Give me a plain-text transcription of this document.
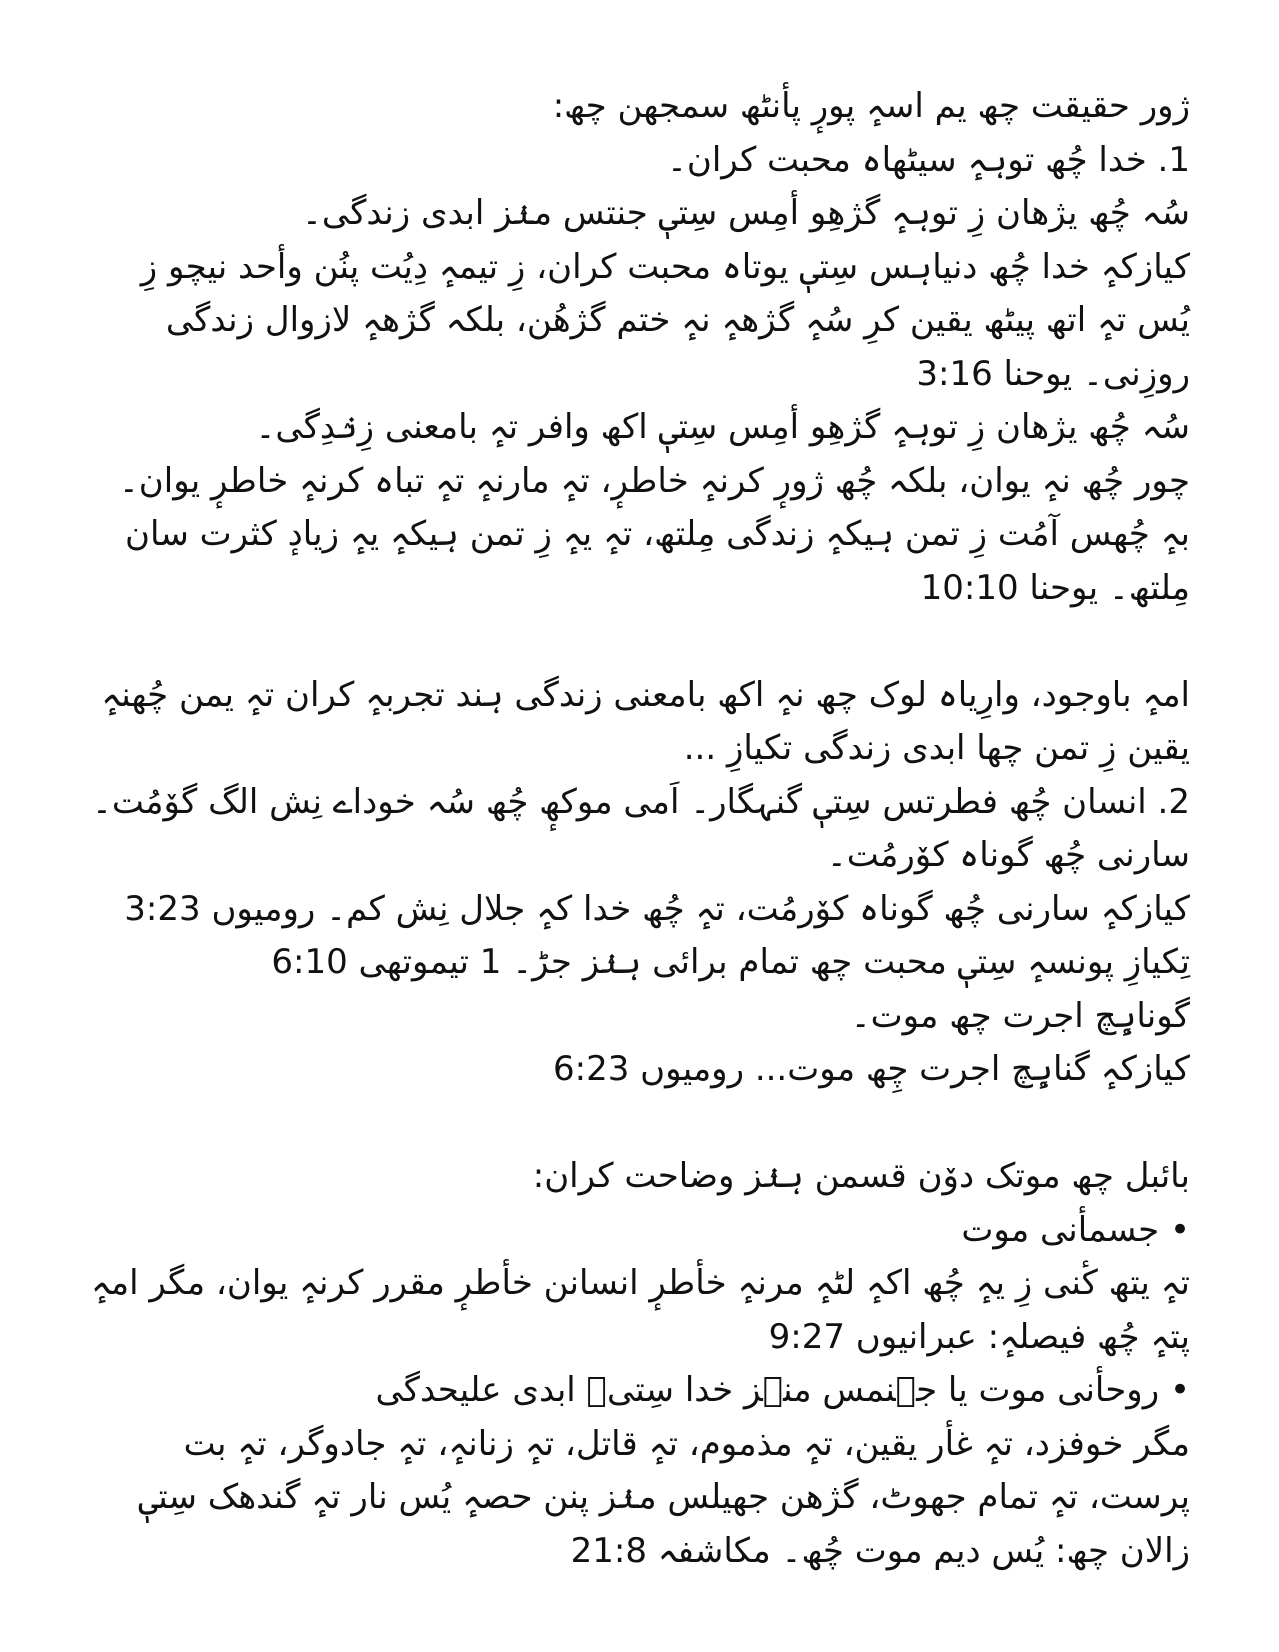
ژور حقیقت چھ یم اسہٕ پورٕ پأنٹھ سمجھن چھ:
1. خدا چُھ توہہٕ سیٹھاہ محبت کران۔
سُہ چُھ یژھان زِ توہہٕ گژھِو أمِس سِتیٖ جنتس منٛز ابدی زندگی۔
کیازکہٕ خدا چُھ دنیاہس سِتیٖ یوتاہ محبت کران، زِ تیمہٕ دِیُت پنُن وأحد نیچو زِ یُس تہٕ اتھ پیٹھ یقین کرِ سُہٕ گژھہٕ نہٕ ختم گژھُن، بلکہ گژھہٕ لازوال زندگی روزِنی۔ یوحنا 3:16
سُہ چُھ یژھان زِ توہہٕ گژھِو أمِس سِتیٖ اکھ وافر تہٕ بامعنی زِنٛدِگی۔
چور چُھ نہٕ یوان، بلکہ چُھ ژورٕ کرنہٕ خاطرٕ، تہٕ مارنہٕ تہٕ تباہ کرنہٕ خاطرٕ یوان۔ بہٕ چُھس آمُت زِ تمن ہیکہٕ زندگی مِلتھ، تہٕ یہٕ زِ تمن ہیکہٕ یہٕ زیادٕ کثرت سان مِلتھ۔ یوحنا 10:10
امہٕ باوجود، وارِیاہ لوک چھ نہٕ اکھ بامعنی زندگی ہند تجربہٕ کران تہٕ یمن چُھنہٕ یقین زِ تمن چھا ابدی زندگی تکیازِ ...
2. انسان چُھ فطرتس سِتیٖ گنہگار۔ اَمی موکھٕ چُھ سُہ خوداے نِش الگ گوٚمُت۔
سارنی چُھ گوناہ کوٚرمُت۔
کیازکہٕ سارنی چُھ گوناہ کوٚرمُت، تہٕ چُھ خدا کہٕ جلال نِش کم۔ رومیوں 3:23
تِکیازِ پونسہٕ سِتیٖ محبت چھ تمام برائی ہنٛز جڑ۔ 1 تیموتھی 6:10
گوناہٕچ اجرت چھ موت۔
کیازکہٕ گناہٕچ اجرت چِھ موت... رومیوں 6:23
بائبل چھ موتک دوٚن قسمن ہنٛز وضاحت کران:
• جسمأنی موت
تہٕ یتھ کٔنی زِ یہٕ چُھ اکہٕ لٹہٕ مرنہٕ خأطرٕ انسانن خأطرٕ مقرر کرنہٕ یوان، مگر امہٕ پتہٕ چُھ فیصلہٕ: عبرانیوں 9:27
• روحأنی موت یا جہنمس منٛز خدا سِتیٖ ابدی علیحدگی
مگر خوفزد، تہٕ غأر یقین، تہٕ مذموم، تہٕ قاتل، تہٕ زنانہٕ، تہٕ جادوگر، تہٕ بت پرست، تہٕ تمام جھوٹ، گژھن جھیلس منٛز پنن حصہٕ یُس نار تہٕ گندھک سِتیٖ زالان چھ: یُس دیم موت چُھ۔ مکاشفہ 21:8
